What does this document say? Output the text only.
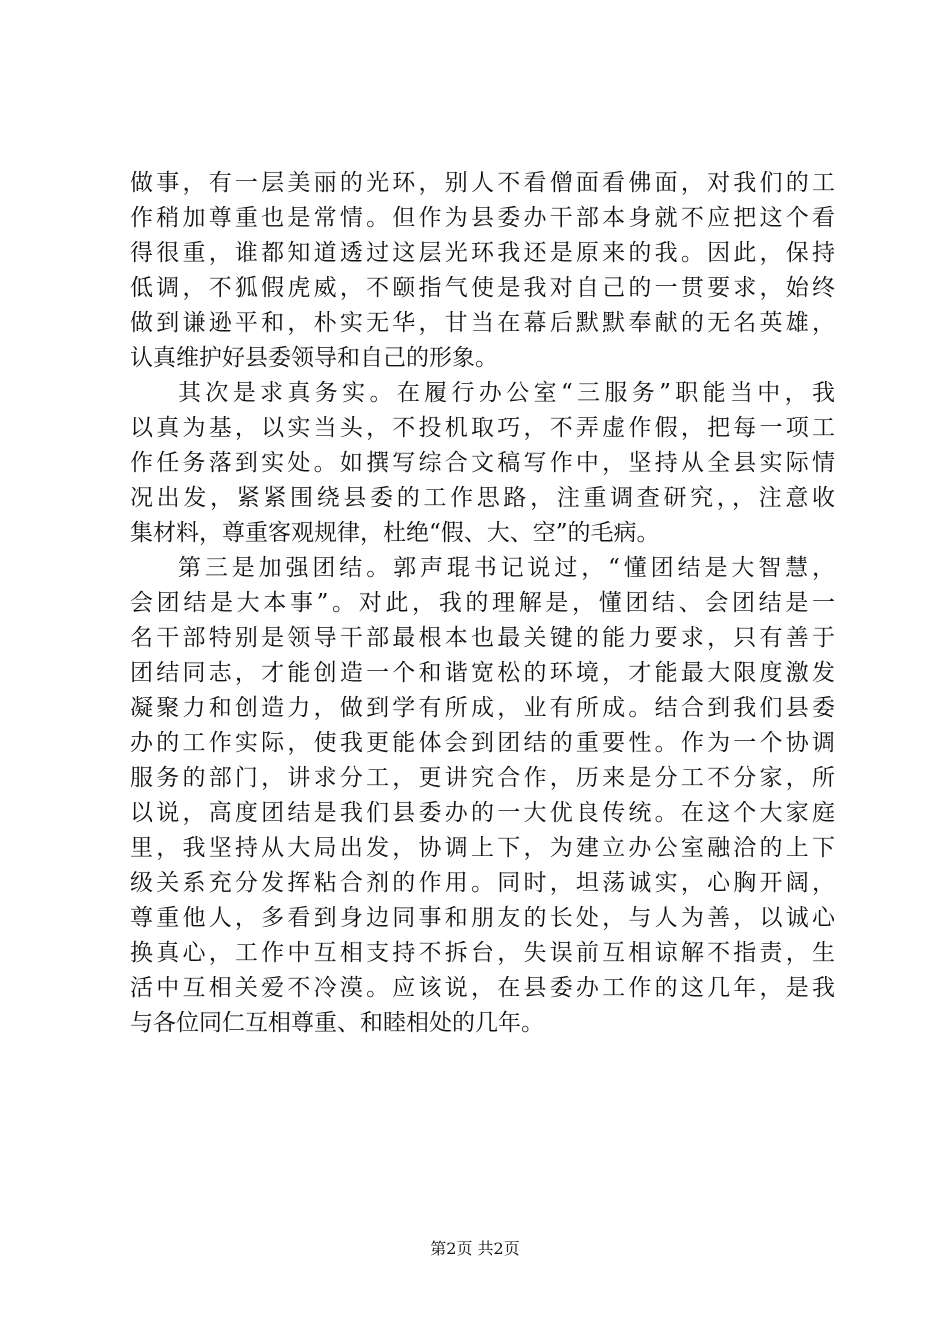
做事，有一层美丽的光环，别人不看僧面看佛面，对我们的工
作稍加尊重也是常情。但作为县委办干部本身就不应把这个看
得很重，谁都知道透过这层光环我还是原来的我。因此，保持
低调，不狐假虎威，不颐指气使是我对自己的一贯要求，始终
做到谦逊平和，朴实无华，甘当在幕后默默奉献的无名英雄，
认真维护好县委领导和自己的形象。
其次是求真务实。在履行办公室“三服务”职能当中，我
以真为基，以实当头，不投机取巧，不弄虚作假，把每一项工
作任务落到实处。如撰写综合文稿写作中，坚持从全县实际情
况出发，紧紧围绕县委的工作思路，注重调查研究，，注意收
集材料，尊重客观规律，杜绝“假、大、空”的毛病。
第三是加强团结。郭声琨书记说过，“懂团结是大智慧，
会团结是大本事”。对此，我的理解是，懂团结、会团结是一
名干部特别是领导干部最根本也最关键的能力要求，只有善于
团结同志，才能创造一个和谐宽松的环境，才能最大限度激发
凝聚力和创造力，做到学有所成，业有所成。结合到我们县委
办的工作实际，使我更能体会到团结的重要性。作为一个协调
服务的部门，讲求分工，更讲究合作，历来是分工不分家，所
以说，高度团结是我们县委办的一大优良传统。在这个大家庭
里，我坚持从大局出发，协调上下，为建立办公室融洽的上下
级关系充分发挥粘合剂的作用。同时，坦荡诚实，心胸开阔，
尊重他人，多看到身边同事和朋友的长处，与人为善，以诚心
换真心，工作中互相支持不拆台，失误前互相谅解不指责，生
活中互相关爱不冷漠。应该说，在县委办工作的这几年，是我
与各位同仁互相尊重、和睦相处的几年。
第2页 共2页
